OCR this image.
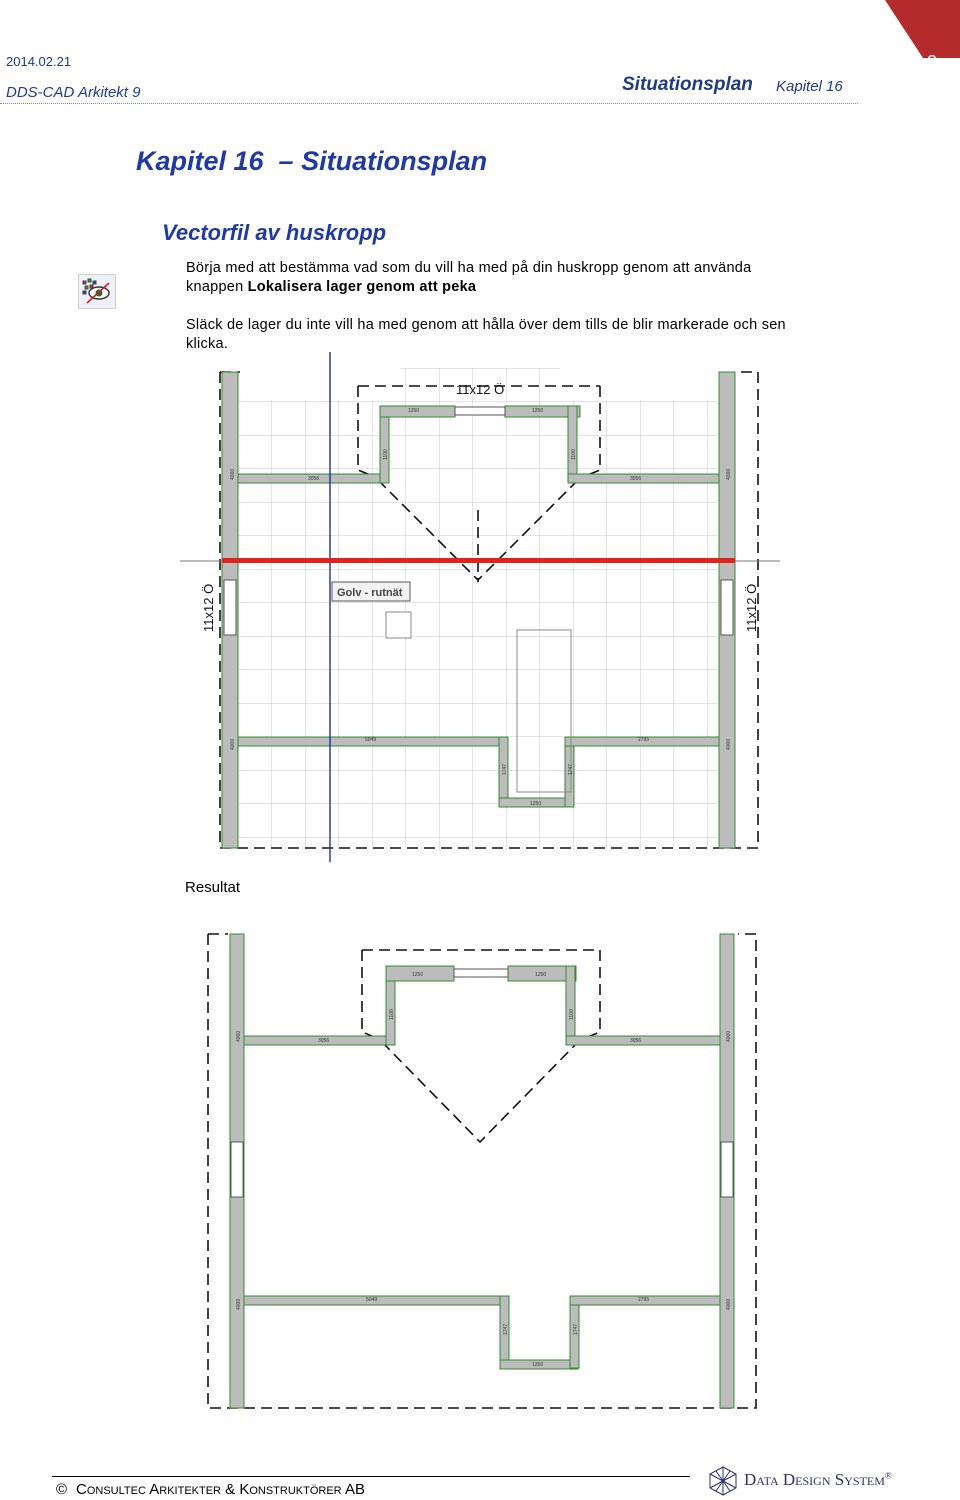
3
2014.02.21
DDS-CAD Arkitekt 9	Situationsplan Kapitel 16
Kapitel 16  – Situationsplan
Vectorfil av huskropp
Börja med att bestämma vad som du vill ha med på din huskropp genom att använda
knappen Lokalisera lager genom att peka
Släck de lager du inte vill ha med genom att hålla över dem tills de blir markerade och sen
klicka.
1250	1250
3056	3056
5049	2795
1250
4000	4000
4000	4000
1100	1100
1747	1747
11x12 Ö
11x12 Ö	11x12 Ö
Golv - rutnät
Resultat
1250	1250
3056	3056
5049	2795
1250
4000	4000
4000	4000
1100	1100
1747	1747
© Consultec Arkitekter & Konstruktörer AB
Data Design System®
